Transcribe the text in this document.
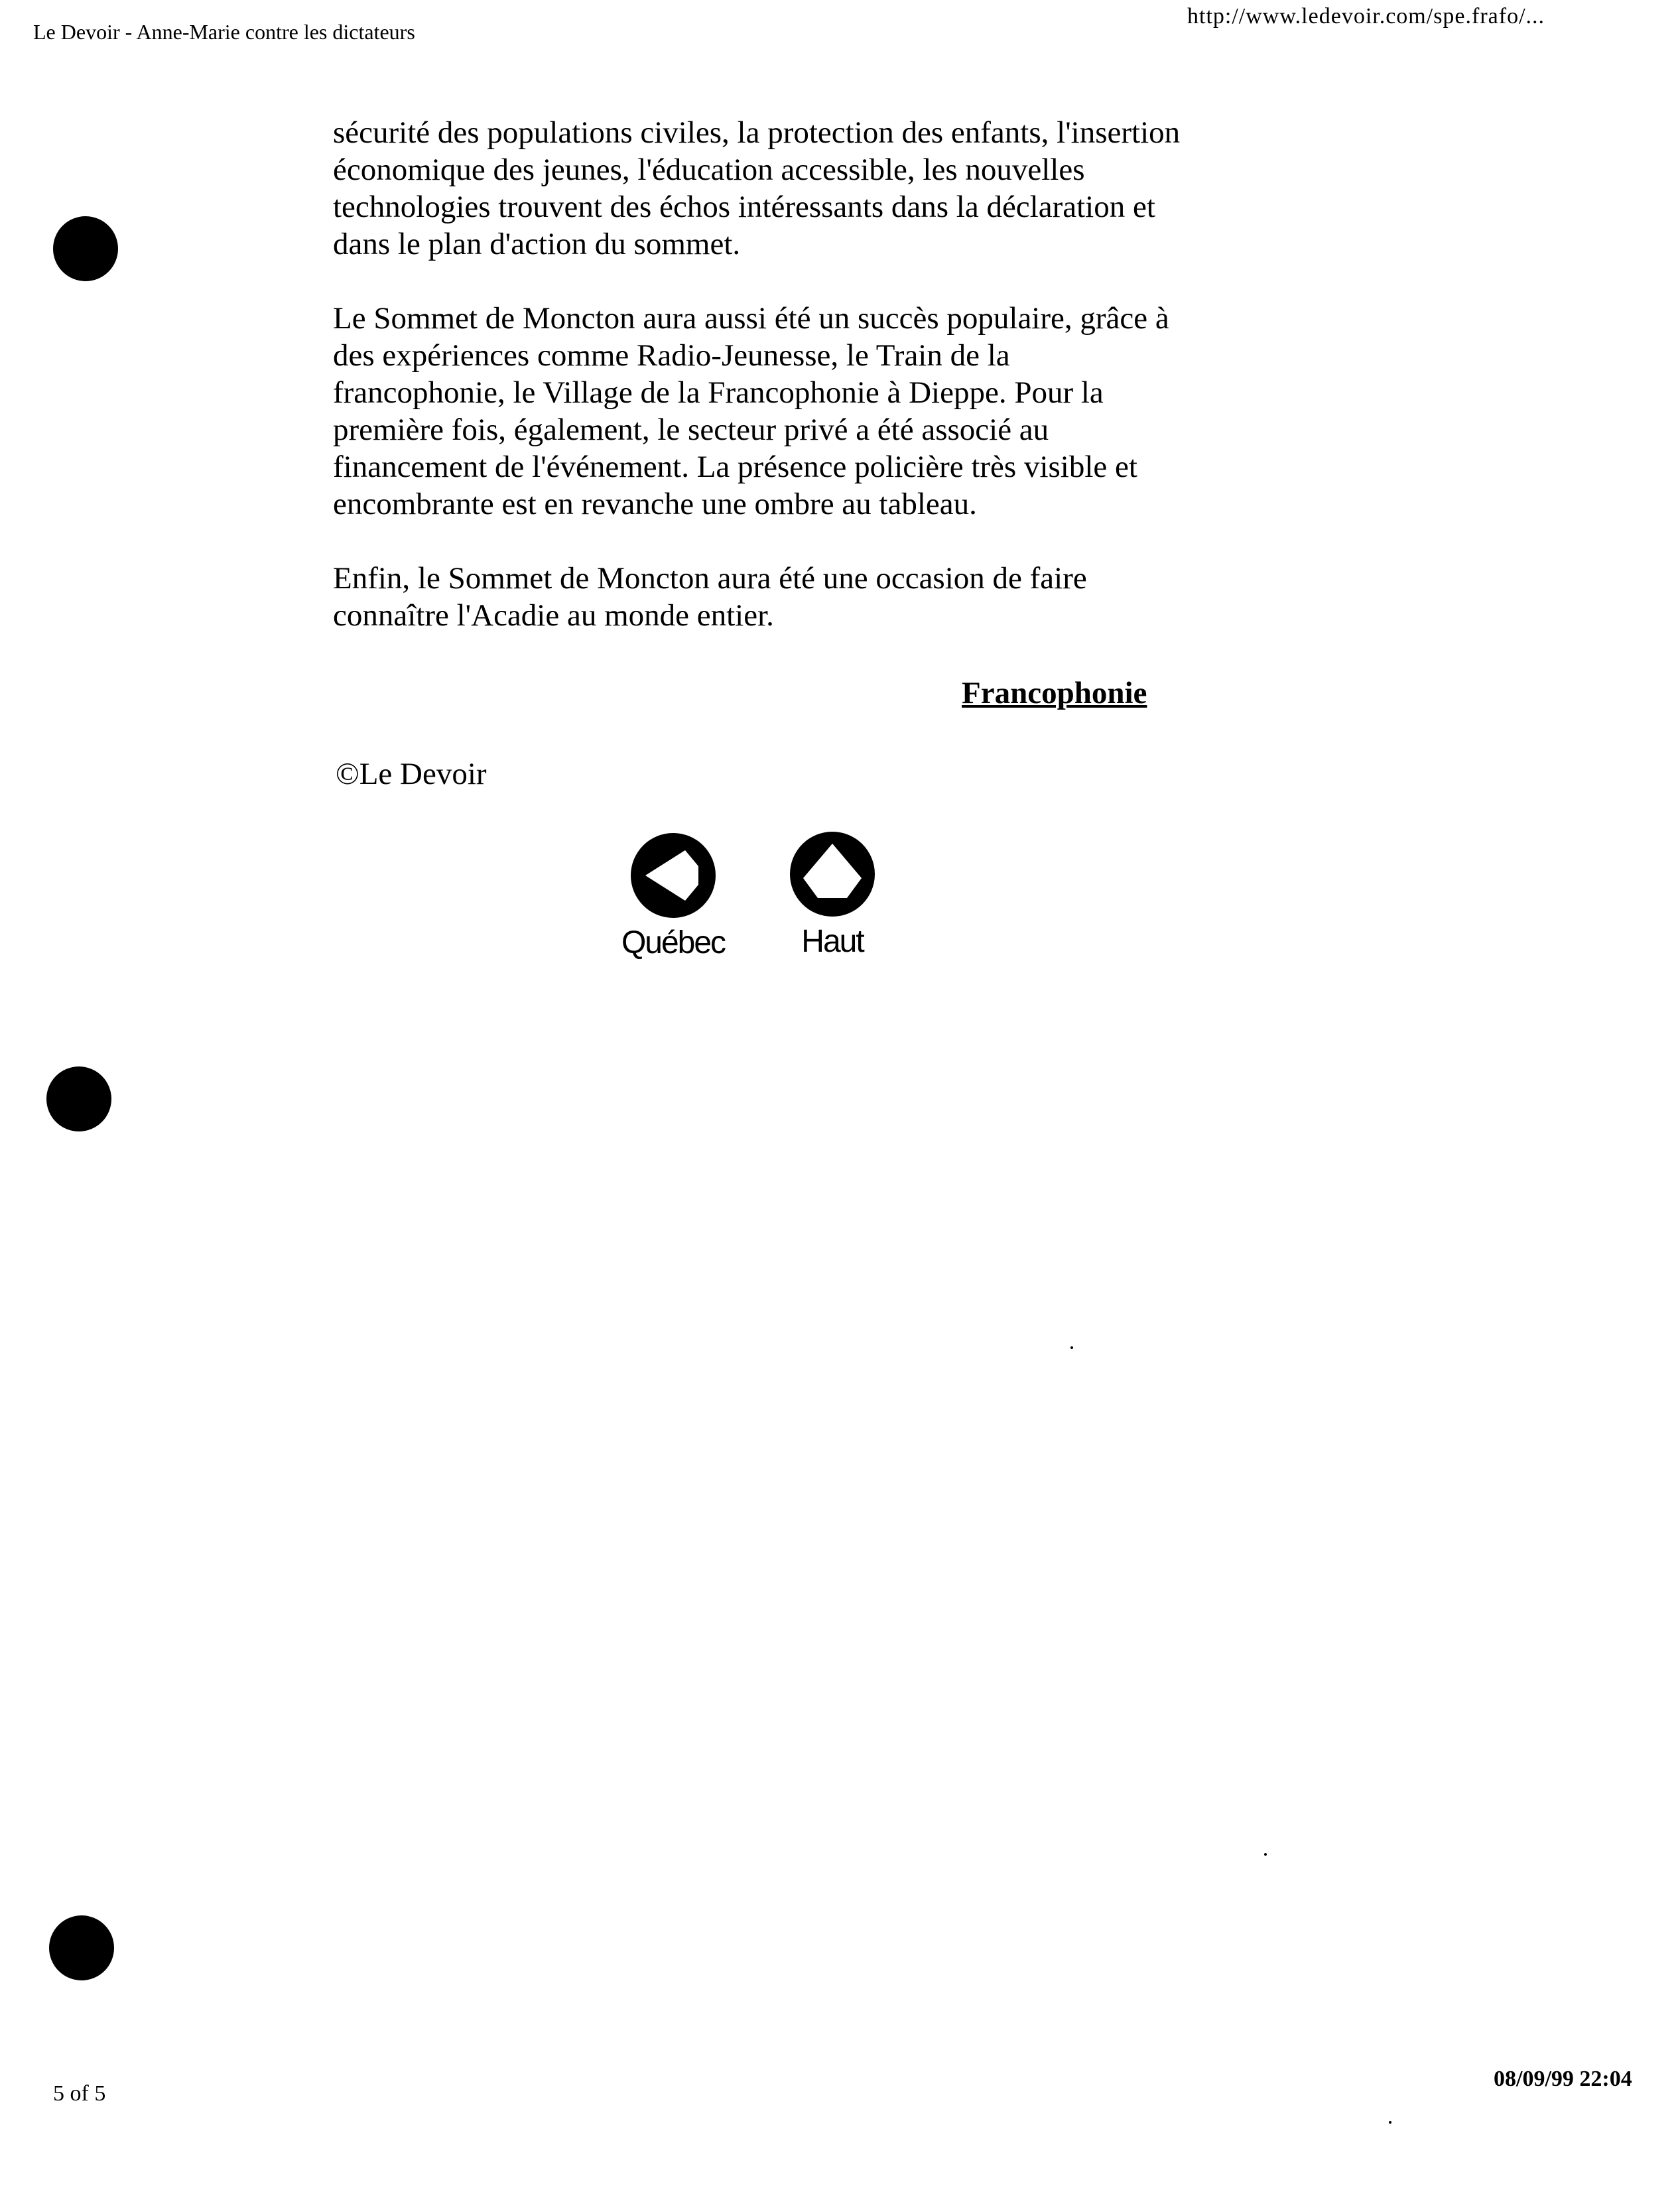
Le Devoir - Anne-Marie contre les dictateurs
http://www.ledevoir.com/spe.frafo/...

sécurité des populations civiles, la protection des enfants, l'insertion économique des jeunes, l'éducation accessible, les nouvelles technologies trouvent des échos intéressants dans la déclaration et dans le plan d'action du sommet.

Le Sommet de Moncton aura aussi été un succès populaire, grâce à des expériences comme Radio-Jeunesse, le Train de la francophonie, le Village de la Francophonie à Dieppe. Pour la première fois, également, le secteur privé a été associé au financement de l'événement. La présence policière très visible et encombrante est en revanche une ombre au tableau.

Enfin, le Sommet de Moncton aura été une occasion de faire connaître l'Acadie au monde entier.

Francophonie
©Le Devoir
Québec Haut
5 of 5
08/09/99 22:04
